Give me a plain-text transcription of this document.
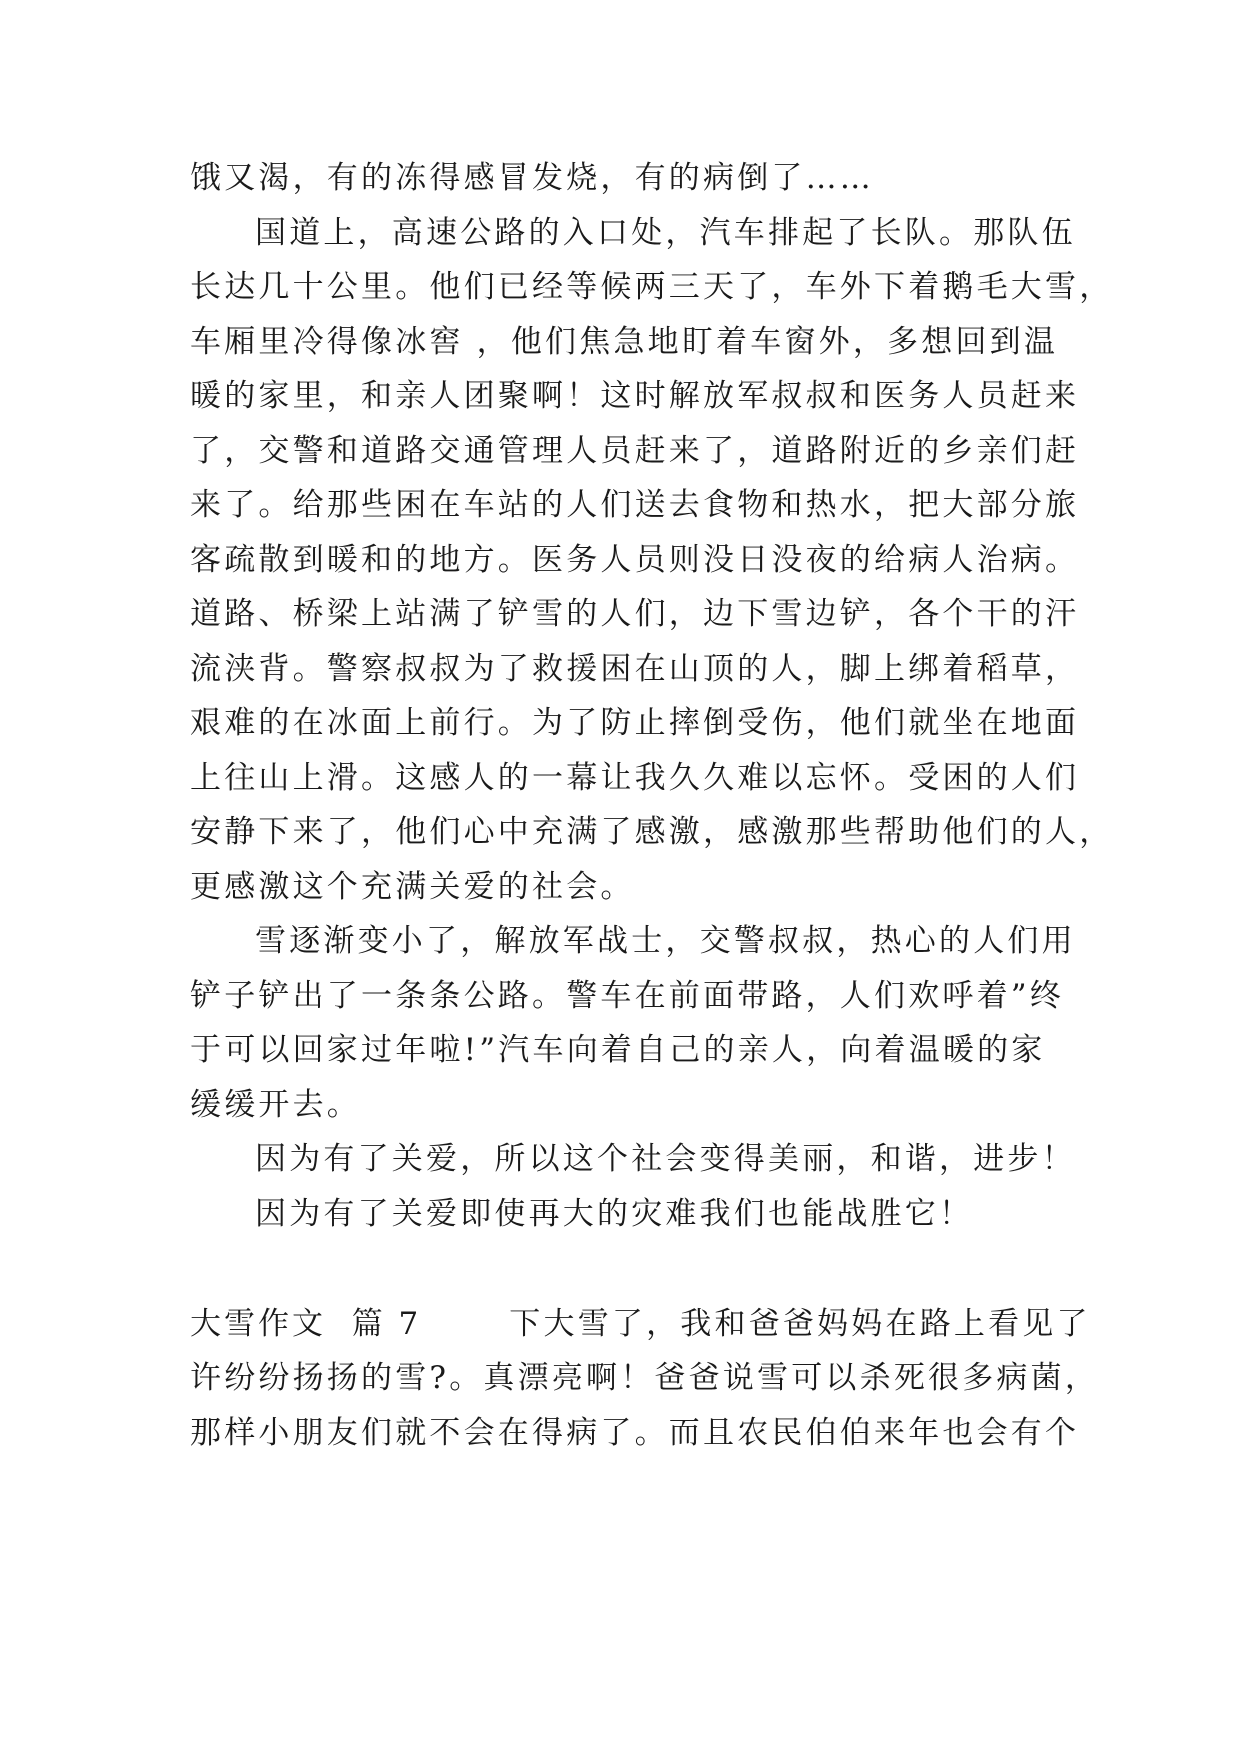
饿又渴，有的冻得感冒发烧，有的病倒了……
国道上，高速公路的入口处，汽车排起了长队。那队伍
长达几十公里。他们已经等候两三天了，车外下着鹅毛大雪，
车厢里冷得像冰窖 ，他们焦急地盯着车窗外，多想回到温
暖的家里，和亲人团聚啊！这时解放军叔叔和医务人员赶来
了，交警和道路交通管理人员赶来了，道路附近的乡亲们赶
来了。给那些困在车站的人们送去食物和热水，把大部分旅
客疏散到暖和的地方。医务人员则没日没夜的给病人治病。
道路、桥梁上站满了铲雪的人们，边下雪边铲，各个干的汗
流浃背。警察叔叔为了救援困在山顶的人，脚上绑着稻草，
艰难的在冰面上前行。为了防止摔倒受伤，他们就坐在地面
上往山上滑。这感人的一幕让我久久难以忘怀。受困的人们
安静下来了，他们心中充满了感激，感激那些帮助他们的人，
更感激这个充满关爱的社会。
雪逐渐变小了，解放军战士，交警叔叔，热心的人们用
铲子铲出了一条条公路。警车在前面带路，人们欢呼着”终
于可以回家过年啦!”汽车向着自己的亲人，向着温暖的家
缓缓开去。
因为有了关爱，所以这个社会变得美丽，和谐，进步！
因为有了关爱即使再大的灾难我们也能战胜它！
大雪作文  篇 7	下大雪了，我和爸爸妈妈在路上看见了
许纷纷扬扬的雪?。真漂亮啊！爸爸说雪可以杀死很多病菌，
那样小朋友们就不会在得病了。而且农民伯伯来年也会有个
